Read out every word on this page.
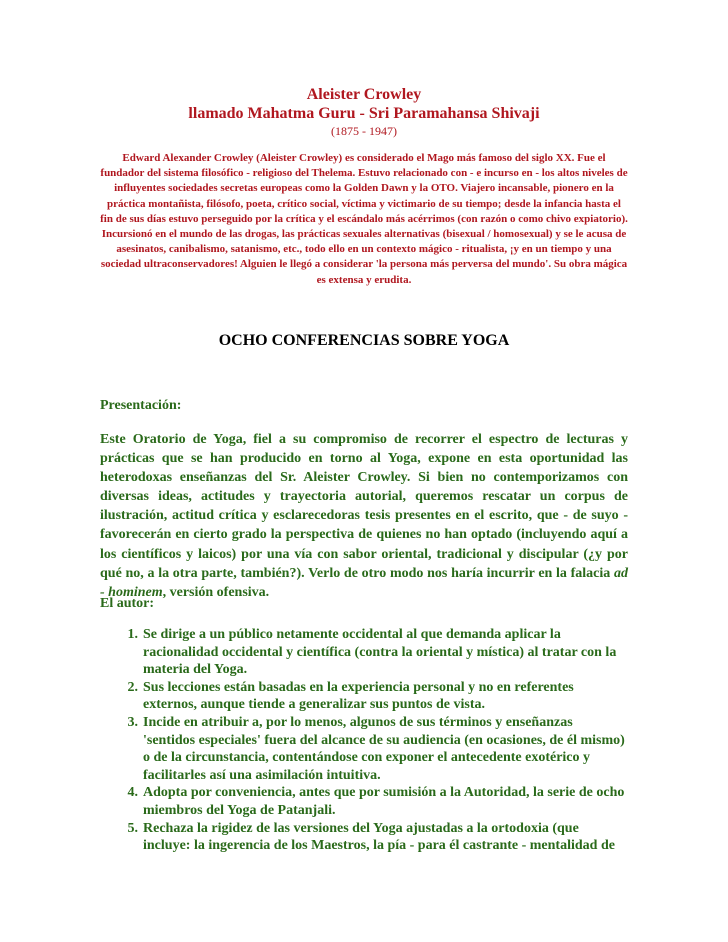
Aleister Crowley
llamado Mahatma Guru - Sri Paramahansa Shivaji
(1875 - 1947)

Edward Alexander Crowley (Aleister Crowley) es considerado el Mago más famoso del siglo XX. Fue el fundador del sistema filosófico - religioso del Thelema. Estuvo relacionado con - e incurso en - los altos niveles de influyentes sociedades secretas europeas como la Golden Dawn y la OTO. Viajero incansable, pionero en la práctica montañista, filósofo, poeta, crítico social, víctima y victimario de su tiempo; desde la infancia hasta el fin de sus días estuvo perseguido por la crítica y el escándalo más acérrimos (con razón o como chivo expiatorio). Incursionó en el mundo de las drogas, las prácticas sexuales alternativas (bisexual / homosexual) y se le acusa de asesinatos, canibalismo, satanismo, etc., todo ello en un contexto mágico - ritualista, ¡y en un tiempo y una sociedad ultraconservadores! Alguien le llegó a considerar 'la persona más perversa del mundo'. Su obra mágica es extensa y erudita.

OCHO CONFERENCIAS SOBRE YOGA

Presentación:

Este Oratorio de Yoga, fiel a su compromiso de recorrer el espectro de lecturas y prácticas que se han producido en torno al Yoga, expone en esta oportunidad las heterodoxas enseñanzas del Sr. Aleister Crowley. Si bien no contemporizamos con diversas ideas, actitudes y trayectoria autorial, queremos rescatar un corpus de ilustración, actitud crítica y esclarecedoras tesis presentes en el escrito, que - de suyo - favorecerán en cierto grado la perspectiva de quienes no han optado (incluyendo aquí a los científicos y laicos) por una vía con sabor oriental, tradicional y discipular (¿y por qué no, a la otra parte, también?). Verlo de otro modo nos haría incurrir en la falacia ad - hominem, versión ofensiva.

El autor:

1. Se dirige a un público netamente occidental al que demanda aplicar la racionalidad occidental y científica (contra la oriental y mística) al tratar con la materia del Yoga.
2. Sus lecciones están basadas en la experiencia personal y no en referentes externos, aunque tiende a generalizar sus puntos de vista.
3. Incide en atribuir a, por lo menos, algunos de sus términos y enseñanzas 'sentidos especiales' fuera del alcance de su audiencia (en ocasiones, de él mismo) o de la circunstancia, contentándose con exponer el antecedente exotérico y facilitarles así una asimilación intuitiva.
4. Adopta por conveniencia, antes que por sumisión a la Autoridad, la serie de ocho miembros del Yoga de Patanjali.
5. Rechaza la rigidez de las versiones del Yoga ajustadas a la ortodoxia (que incluye: la ingerencia de los Maestros, la pía - para él castrante - mentalidad de
